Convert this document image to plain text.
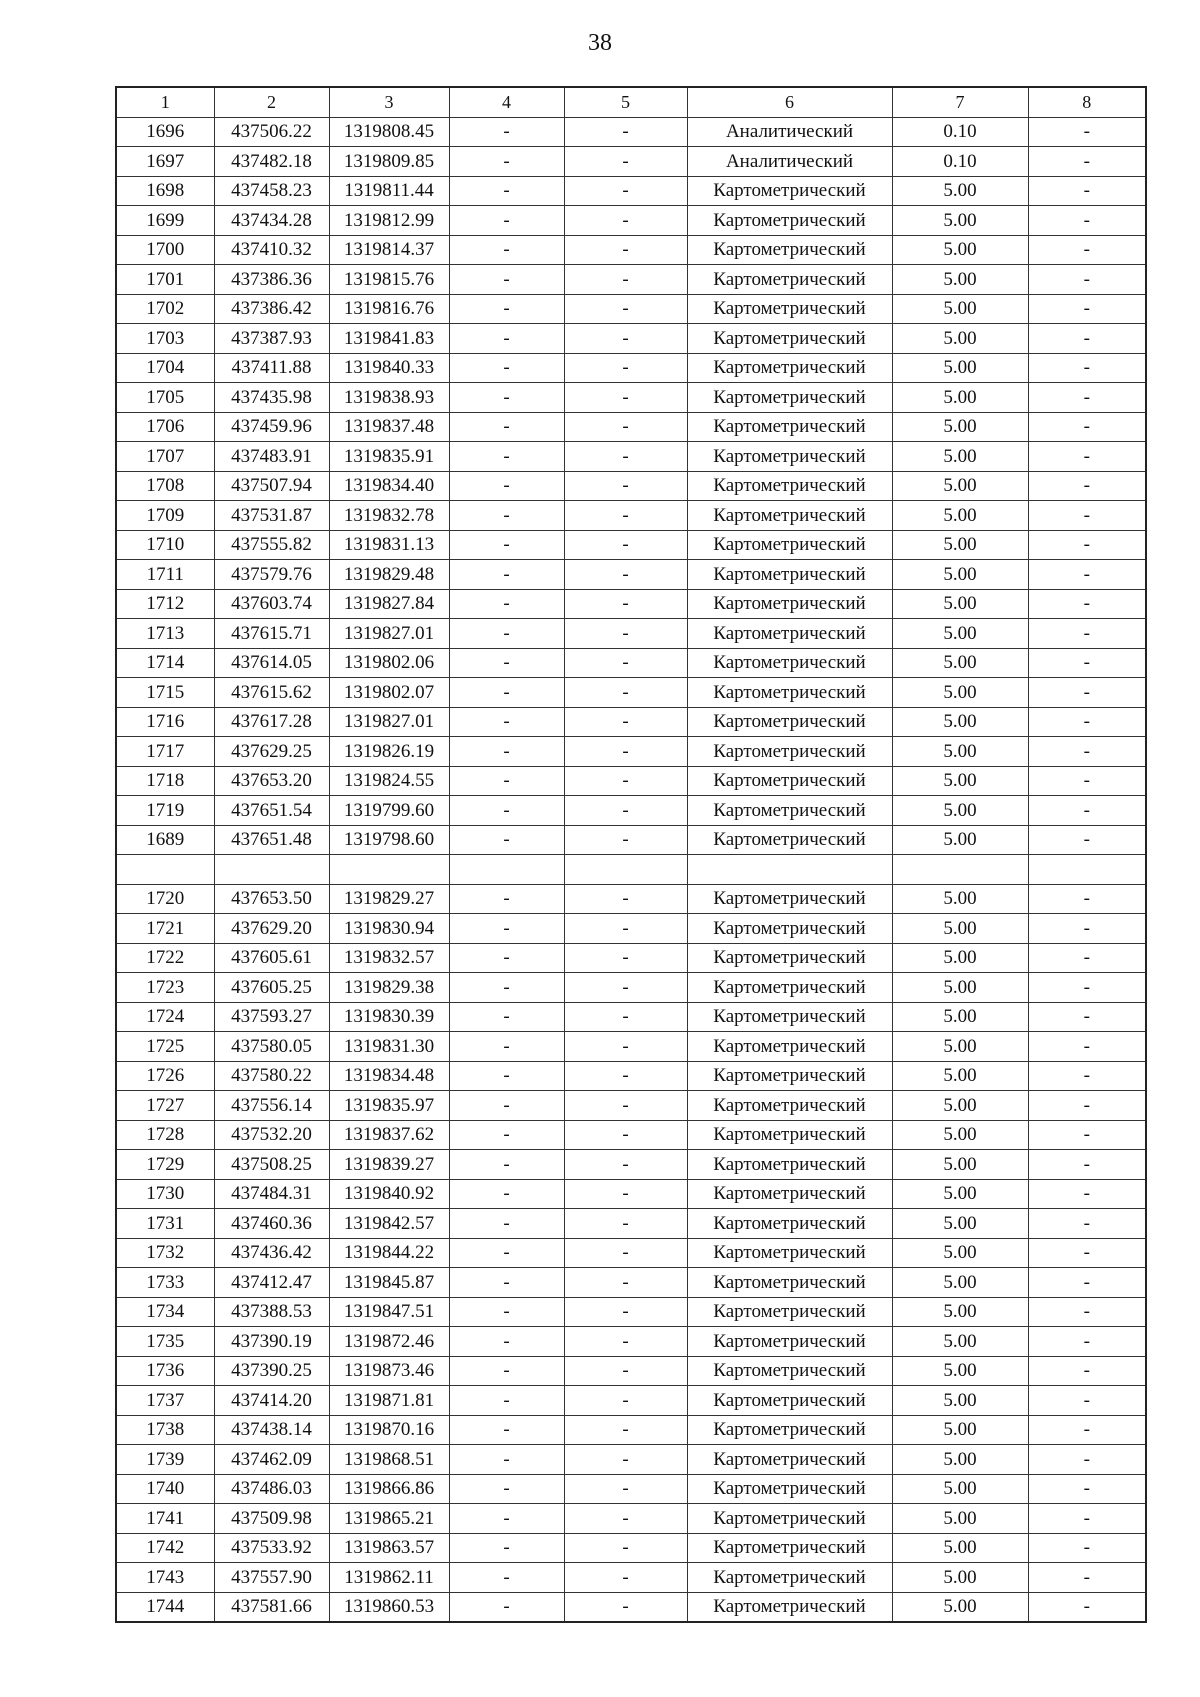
38
1	2	3	4	5	6	7	8
1696	437506.22	1319808.45	-	-	Аналитический	0.10	-
1697	437482.18	1319809.85	-	-	Аналитический	0.10	-
1698	437458.23	1319811.44	-	-	Картометрический	5.00	-
1699	437434.28	1319812.99	-	-	Картометрический	5.00	-
1700	437410.32	1319814.37	-	-	Картометрический	5.00	-
1701	437386.36	1319815.76	-	-	Картометрический	5.00	-
1702	437386.42	1319816.76	-	-	Картометрический	5.00	-
1703	437387.93	1319841.83	-	-	Картометрический	5.00	-
1704	437411.88	1319840.33	-	-	Картометрический	5.00	-
1705	437435.98	1319838.93	-	-	Картометрический	5.00	-
1706	437459.96	1319837.48	-	-	Картометрический	5.00	-
1707	437483.91	1319835.91	-	-	Картометрический	5.00	-
1708	437507.94	1319834.40	-	-	Картометрический	5.00	-
1709	437531.87	1319832.78	-	-	Картометрический	5.00	-
1710	437555.82	1319831.13	-	-	Картометрический	5.00	-
1711	437579.76	1319829.48	-	-	Картометрический	5.00	-
1712	437603.74	1319827.84	-	-	Картометрический	5.00	-
1713	437615.71	1319827.01	-	-	Картометрический	5.00	-
1714	437614.05	1319802.06	-	-	Картометрический	5.00	-
1715	437615.62	1319802.07	-	-	Картометрический	5.00	-
1716	437617.28	1319827.01	-	-	Картометрический	5.00	-
1717	437629.25	1319826.19	-	-	Картометрический	5.00	-
1718	437653.20	1319824.55	-	-	Картометрический	5.00	-
1719	437651.54	1319799.60	-	-	Картометрический	5.00	-
1689	437651.48	1319798.60	-	-	Картометрический	5.00	-

1720	437653.50	1319829.27	-	-	Картометрический	5.00	-
1721	437629.20	1319830.94	-	-	Картометрический	5.00	-
1722	437605.61	1319832.57	-	-	Картометрический	5.00	-
1723	437605.25	1319829.38	-	-	Картометрический	5.00	-
1724	437593.27	1319830.39	-	-	Картометрический	5.00	-
1725	437580.05	1319831.30	-	-	Картометрический	5.00	-
1726	437580.22	1319834.48	-	-	Картометрический	5.00	-
1727	437556.14	1319835.97	-	-	Картометрический	5.00	-
1728	437532.20	1319837.62	-	-	Картометрический	5.00	-
1729	437508.25	1319839.27	-	-	Картометрический	5.00	-
1730	437484.31	1319840.92	-	-	Картометрический	5.00	-
1731	437460.36	1319842.57	-	-	Картометрический	5.00	-
1732	437436.42	1319844.22	-	-	Картометрический	5.00	-
1733	437412.47	1319845.87	-	-	Картометрический	5.00	-
1734	437388.53	1319847.51	-	-	Картометрический	5.00	-
1735	437390.19	1319872.46	-	-	Картометрический	5.00	-
1736	437390.25	1319873.46	-	-	Картометрический	5.00	-
1737	437414.20	1319871.81	-	-	Картометрический	5.00	-
1738	437438.14	1319870.16	-	-	Картометрический	5.00	-
1739	437462.09	1319868.51	-	-	Картометрический	5.00	-
1740	437486.03	1319866.86	-	-	Картометрический	5.00	-
1741	437509.98	1319865.21	-	-	Картометрический	5.00	-
1742	437533.92	1319863.57	-	-	Картометрический	5.00	-
1743	437557.90	1319862.11	-	-	Картометрический	5.00	-
1744	437581.66	1319860.53	-	-	Картометрический	5.00	-
